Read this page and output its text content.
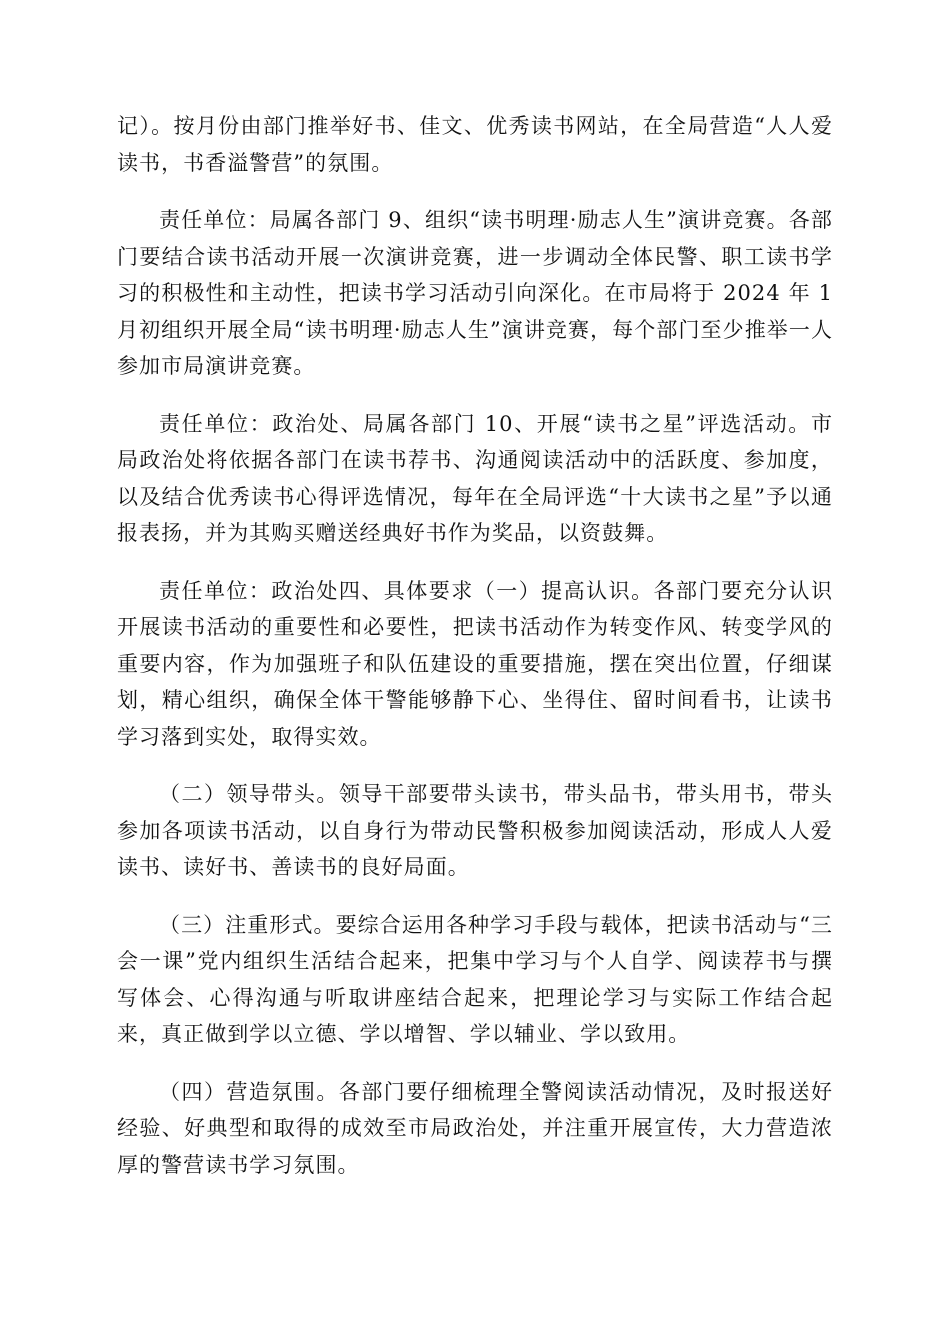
记）。按月份由部门推举好书、佳文、优秀读书网站，在全局营造“人人爱读书，书香溢警营”的氛围。

责任单位：局属各部门 9、组织“读书明理·励志人生”演讲竞赛。各部门要结合读书活动开展一次演讲竞赛，进一步调动全体民警、职工读书学习的积极性和主动性，把读书学习活动引向深化。在市局将于 2024 年 1 月初组织开展全局“读书明理·励志人生”演讲竞赛，每个部门至少推举一人参加市局演讲竞赛。

责任单位：政治处、局属各部门 10、开展“读书之星”评选活动。市局政治处将依据各部门在读书荐书、沟通阅读活动中的活跃度、参加度，以及结合优秀读书心得评选情况，每年在全局评选“十大读书之星”予以通报表扬，并为其购买赠送经典好书作为奖品，以资鼓舞。

责任单位：政治处四、具体要求（一）提高认识。各部门要充分认识开展读书活动的重要性和必要性，把读书活动作为转变作风、转变学风的重要内容，作为加强班子和队伍建设的重要措施，摆在突出位置，仔细谋划，精心组织，确保全体干警能够静下心、坐得住、留时间看书，让读书学习落到实处，取得实效。

（二）领导带头。领导干部要带头读书，带头品书，带头用书，带头参加各项读书活动，以自身行为带动民警积极参加阅读活动，形成人人爱读书、读好书、善读书的良好局面。

（三）注重形式。要综合运用各种学习手段与载体，把读书活动与“三会一课”党内组织生活结合起来，把集中学习与个人自学、阅读荐书与撰写体会、心得沟通与听取讲座结合起来，把理论学习与实际工作结合起来，真正做到学以立德、学以增智、学以辅业、学以致用。

（四）营造氛围。各部门要仔细梳理全警阅读活动情况，及时报送好经验、好典型和取得的成效至市局政治处，并注重开展宣传，大力营造浓厚的警营读书学习氛围。
